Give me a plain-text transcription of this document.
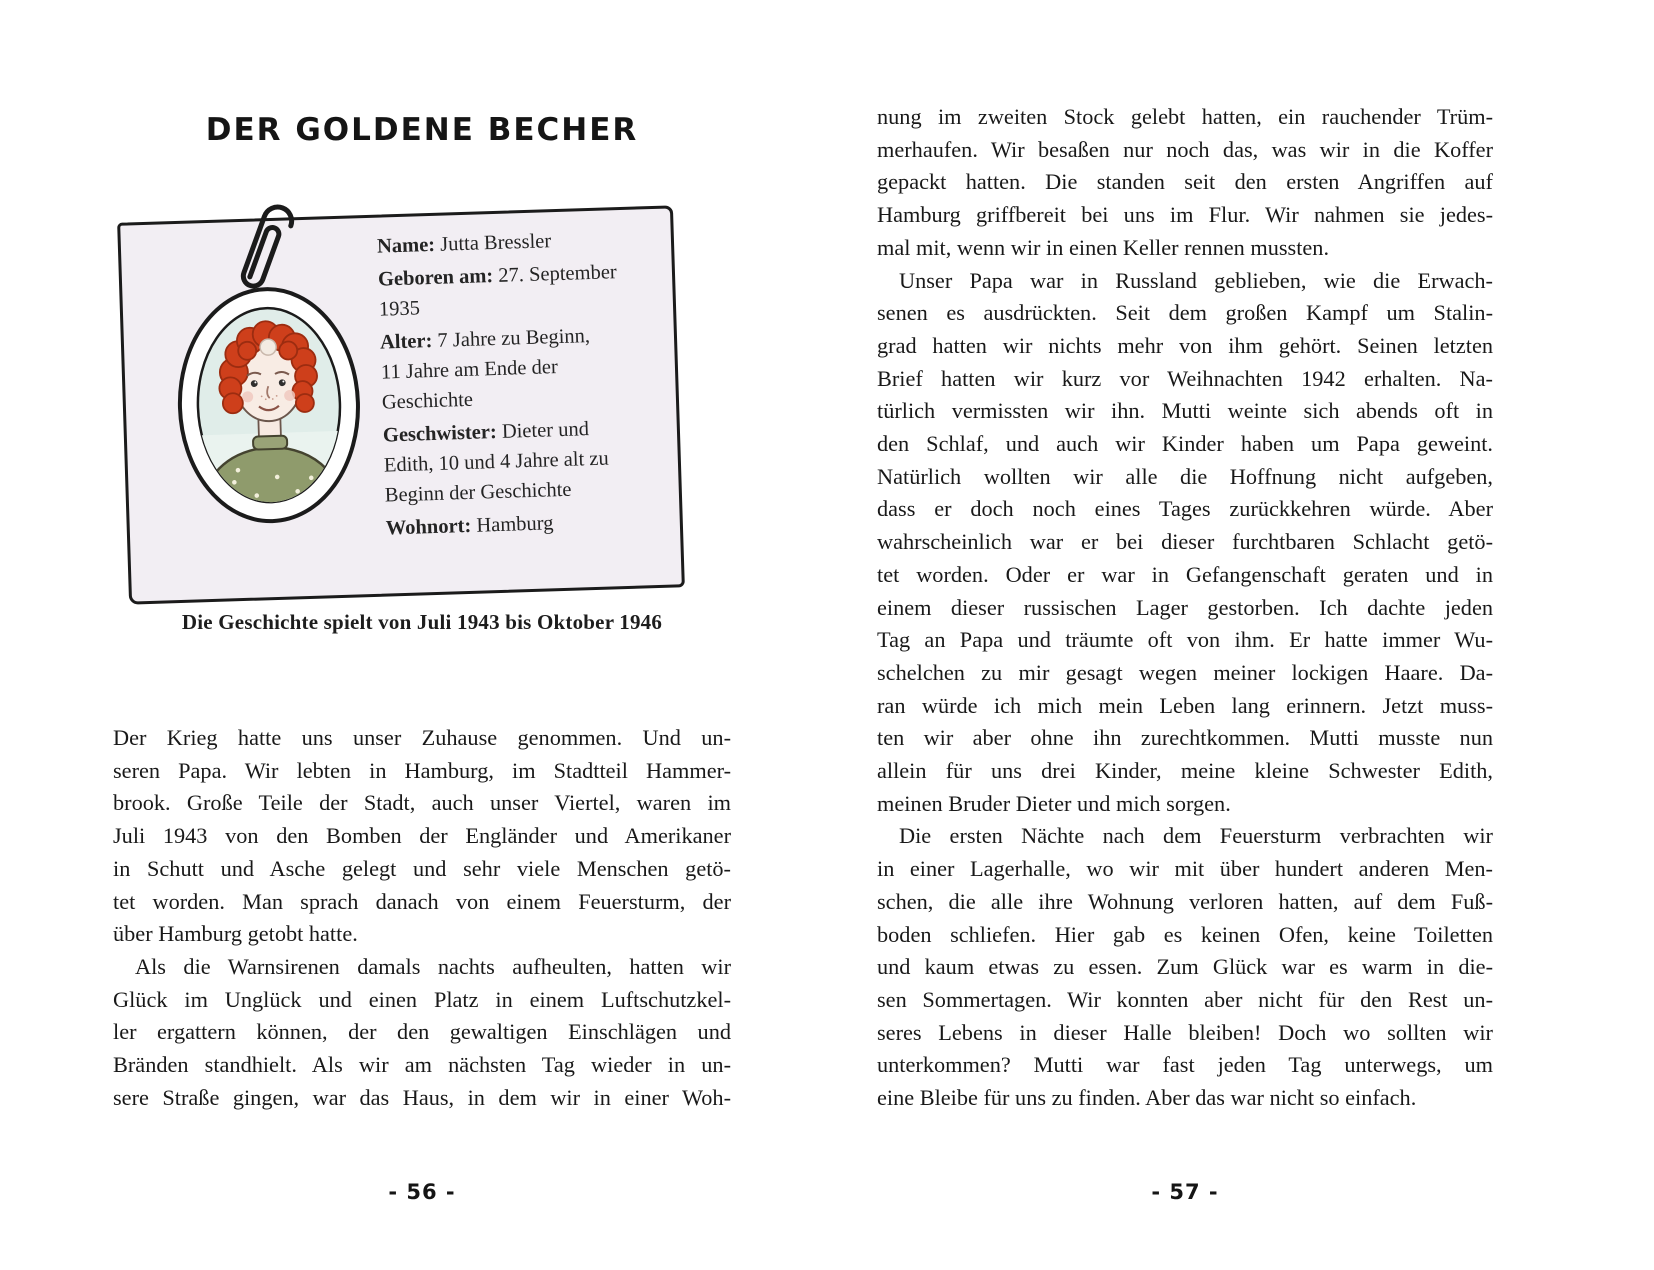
DER GOLDENE BECHER
Name: Jutta Bressler
Geboren am: 27. September
1935
Alter: 7 Jahre zu Beginn,
11 Jahre am Ende der
Geschichte
Geschwister: Dieter und
Edith, 10 und 4 Jahre alt zu
Beginn der Geschichte
Wohnort: Hamburg
Die Geschichte spielt von Juli 1943 bis Oktober 1946
Der Krieg hatte uns unser Zuhause genommen. Und un-
seren Papa. Wir lebten in Hamburg, im Stadtteil Hammer-
brook. Große Teile der Stadt, auch unser Viertel, waren im
Juli 1943 von den Bomben der Engländer und Amerikaner
in Schutt und Asche gelegt und sehr viele Menschen getö-
tet worden. Man sprach danach von einem Feuersturm, der
über Hamburg getobt hatte.
Als die Warnsirenen damals nachts aufheulten, hatten wir
Glück im Unglück und einen Platz in einem Luftschutzkel-
ler ergattern können, der den gewaltigen Einschlägen und
Bränden standhielt. Als wir am nächsten Tag wieder in un-
sere Straße gingen, war das Haus, in dem wir in einer Woh-
- 56 -
nung im zweiten Stock gelebt hatten, ein rauchender Trüm-
merhaufen. Wir besaßen nur noch das, was wir in die Koffer
gepackt hatten. Die standen seit den ersten Angriffen auf
Hamburg griffbereit bei uns im Flur. Wir nahmen sie jedes-
mal mit, wenn wir in einen Keller rennen mussten.
Unser Papa war in Russland geblieben, wie die Erwach-
senen es ausdrückten. Seit dem großen Kampf um Stalin-
grad hatten wir nichts mehr von ihm gehört. Seinen letzten
Brief hatten wir kurz vor Weihnachten 1942 erhalten. Na-
türlich vermissten wir ihn. Mutti weinte sich abends oft in
den Schlaf, und auch wir Kinder haben um Papa geweint.
Natürlich wollten wir alle die Hoffnung nicht aufgeben,
dass er doch noch eines Tages zurückkehren würde. Aber
wahrscheinlich war er bei dieser furchtbaren Schlacht getö-
tet worden. Oder er war in Gefangenschaft geraten und in
einem dieser russischen Lager gestorben. Ich dachte jeden
Tag an Papa und träumte oft von ihm. Er hatte immer Wu-
schelchen zu mir gesagt wegen meiner lockigen Haare. Da-
ran würde ich mich mein Leben lang erinnern. Jetzt muss-
ten wir aber ohne ihn zurechtkommen. Mutti musste nun
allein für uns drei Kinder, meine kleine Schwester Edith,
meinen Bruder Dieter und mich sorgen.
Die ersten Nächte nach dem Feuersturm verbrachten wir
in einer Lagerhalle, wo wir mit über hundert anderen Men-
schen, die alle ihre Wohnung verloren hatten, auf dem Fuß-
boden schliefen. Hier gab es keinen Ofen, keine Toiletten
und kaum etwas zu essen. Zum Glück war es warm in die-
sen Sommertagen. Wir konnten aber nicht für den Rest un-
seres Lebens in dieser Halle bleiben! Doch wo sollten wir
unterkommen? Mutti war fast jeden Tag unterwegs, um
eine Bleibe für uns zu finden. Aber das war nicht so einfach.
- 57 -
